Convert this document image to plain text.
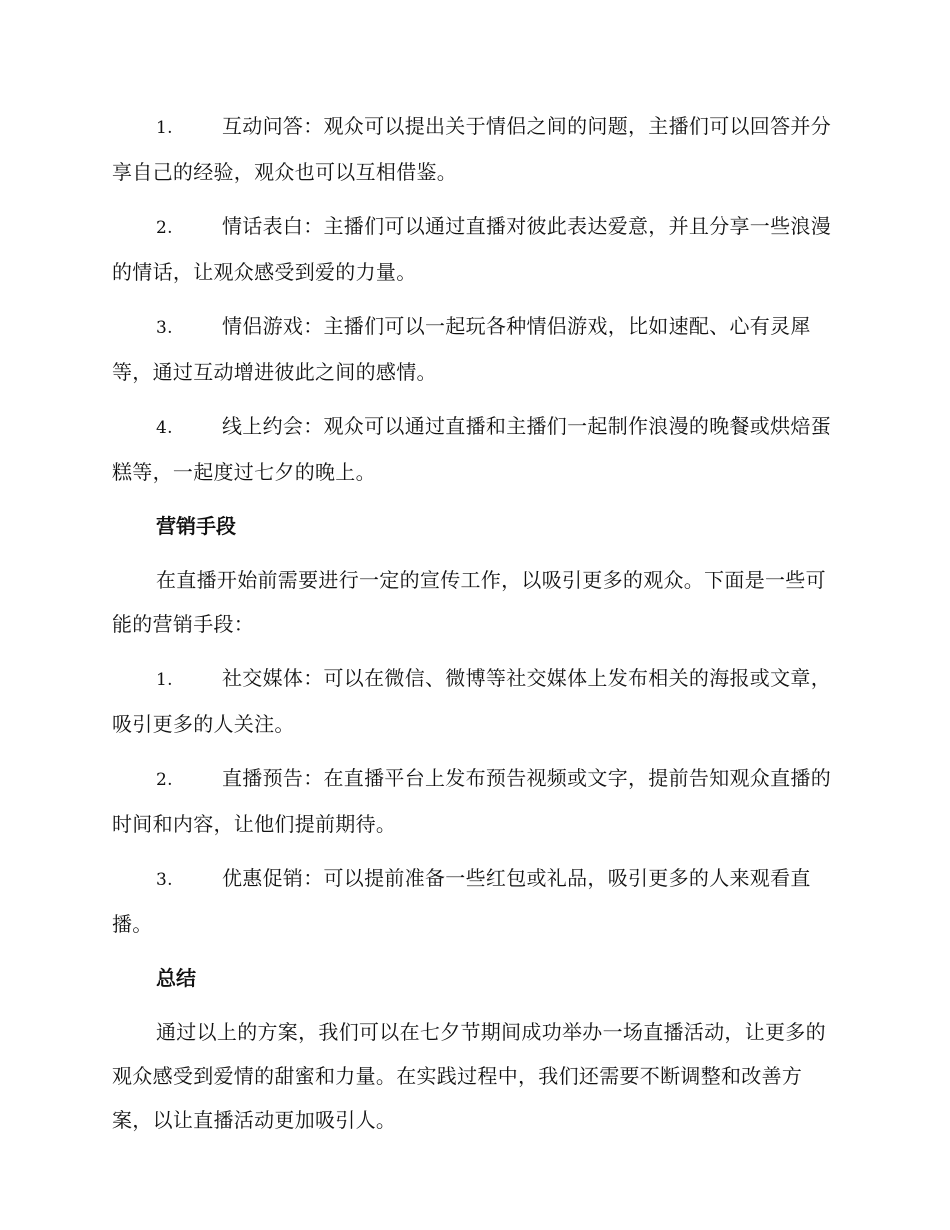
1. 互动问答：观众可以提出关于情侣之间的问题，主播们可以回答并分享自己的经验，观众也可以互相借鉴。
2. 情话表白：主播们可以通过直播对彼此表达爱意，并且分享一些浪漫的情话，让观众感受到爱的力量。
3. 情侣游戏：主播们可以一起玩各种情侣游戏，比如速配、心有灵犀等，通过互动增进彼此之间的感情。
4. 线上约会：观众可以通过直播和主播们一起制作浪漫的晚餐或烘焙蛋糕等，一起度过七夕的晚上。
营销手段
在直播开始前需要进行一定的宣传工作，以吸引更多的观众。下面是一些可能的营销手段：
1. 社交媒体：可以在微信、微博等社交媒体上发布相关的海报或文章，吸引更多的人关注。
2. 直播预告：在直播平台上发布预告视频或文字，提前告知观众直播的时间和内容，让他们提前期待。
3. 优惠促销：可以提前准备一些红包或礼品，吸引更多的人来观看直播。
总结
通过以上的方案，我们可以在七夕节期间成功举办一场直播活动，让更多的观众感受到爱情的甜蜜和力量。在实践过程中，我们还需要不断调整和改善方案，以让直播活动更加吸引人。
